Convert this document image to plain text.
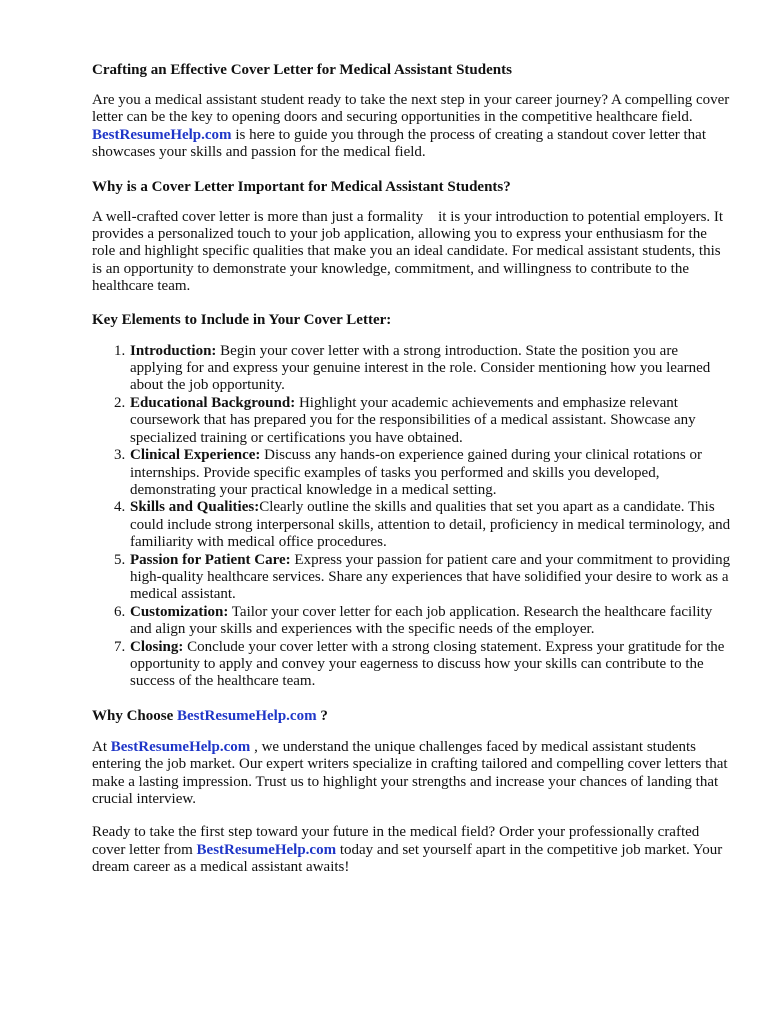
Crafting an Effective Cover Letter for Medical Assistant Students

Are you a medical assistant student ready to take the next step in your career journey? A compelling cover letter can be the key to opening doors and securing opportunities in the competitive healthcare field. BestResumeHelp.com is here to guide you through the process of creating a standout cover letter that showcases your skills and passion for the medical field.

Why is a Cover Letter Important for Medical Assistant Students?

A well-crafted cover letter is more than just a formality    it is your introduction to potential employers. It provides a personalized touch to your job application, allowing you to express your enthusiasm for the role and highlight specific qualities that make you an ideal candidate. For medical assistant students, this is an opportunity to demonstrate your knowledge, commitment, and willingness to contribute to the healthcare team.

Key Elements to Include in Your Cover Letter:
1. Introduction: Begin your cover letter with a strong introduction. State the position you are applying for and express your genuine interest in the role. Consider mentioning how you learned about the job opportunity.
2. Educational Background: Highlight your academic achievements and emphasize relevant coursework that has prepared you for the responsibilities of a medical assistant. Showcase any specialized training or certifications you have obtained.
3. Clinical Experience: Discuss any hands-on experience gained during your clinical rotations or internships. Provide specific examples of tasks you performed and skills you developed, demonstrating your practical knowledge in a medical setting.
4. Skills and Qualities:Clearly outline the skills and qualities that set you apart as a candidate. This could include strong interpersonal skills, attention to detail, proficiency in medical terminology, and familiarity with medical office procedures.
5. Passion for Patient Care: Express your passion for patient care and your commitment to providing high-quality healthcare services. Share any experiences that have solidified your desire to work as a medical assistant.
6. Customization: Tailor your cover letter for each job application. Research the healthcare facility and align your skills and experiences with the specific needs of the employer.
7. Closing: Conclude your cover letter with a strong closing statement. Express your gratitude for the opportunity to apply and convey your eagerness to discuss how your skills can contribute to the success of the healthcare team.
Why Choose BestResumeHelp.com ?

At BestResumeHelp.com , we understand the unique challenges faced by medical assistant students entering the job market. Our expert writers specialize in crafting tailored and compelling cover letters that make a lasting impression. Trust us to highlight your strengths and increase your chances of landing that crucial interview.

Ready to take the first step toward your future in the medical field? Order your professionally crafted cover letter from BestResumeHelp.com today and set yourself apart in the competitive job market. Your dream career as a medical assistant awaits!
